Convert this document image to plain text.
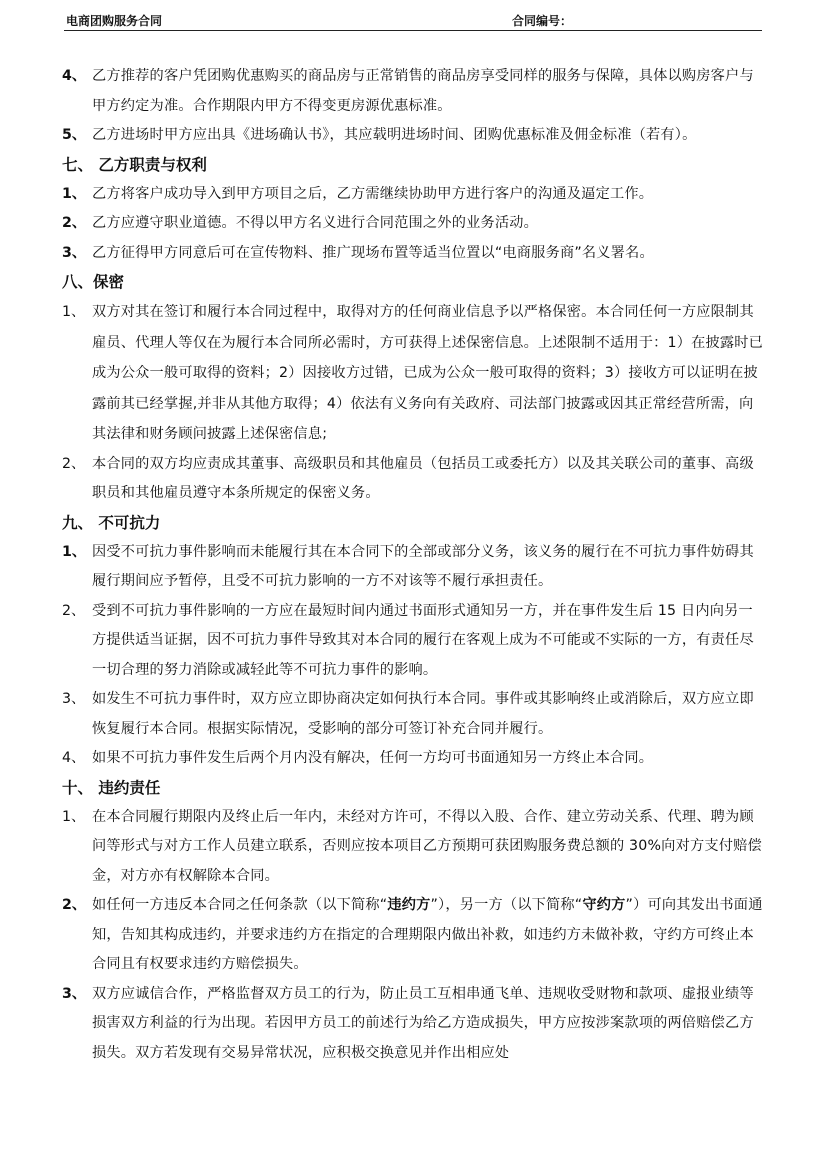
电商团购服务合同	合同编号：
4、 乙方推荐的客户凭团购优惠购买的商品房与正常销售的商品房享受同样的服务与保障，具体以购房客户与甲方约定为准。合作期限内甲方不得变更房源优惠标准。
5、 乙方进场时甲方应出具《进场确认书》，其应载明进场时间、团购优惠标准及佣金标准（若有）。
七、 乙方职责与权利
1、 乙方将客户成功导入到甲方项目之后，乙方需继续协助甲方进行客户的沟通及逼定工作。
2、 乙方应遵守职业道德。不得以甲方名义进行合同范围之外的业务活动。
3、 乙方征得甲方同意后可在宣传物料、推广现场布置等适当位置以“电商服务商”名义署名。
八、保密
1、 双方对其在签订和履行本合同过程中，取得对方的任何商业信息予以严格保密。本合同任何一方应限制其雇员、代理人等仅在为履行本合同所必需时，方可获得上述保密信息。上述限制不适用于：1）在披露时已成为公众一般可取得的资料；2）因接收方过错，已成为公众一般可取得的资料；3）接收方可以证明在披露前其已经掌握,并非从其他方取得；4）依法有义务向有关政府、司法部门披露或因其正常经营所需，向其法律和财务顾问披露上述保密信息;
2、 本合同的双方均应责成其董事、高级职员和其他雇员（包括员工或委托方）以及其关联公司的董事、高级职员和其他雇员遵守本条所规定的保密义务。
九、 不可抗力
1、 因受不可抗力事件影响而未能履行其在本合同下的全部或部分义务，该义务的履行在不可抗力事件妨碍其履行期间应予暂停，且受不可抗力影响的一方不对该等不履行承担责任。
2、 受到不可抗力事件影响的一方应在最短时间内通过书面形式通知另一方，并在事件发生后 15 日内向另一方提供适当证据，因不可抗力事件导致其对本合同的履行在客观上成为不可能或不实际的一方，有责任尽一切合理的努力消除或减轻此等不可抗力事件的影响。
3、 如发生不可抗力事件时，双方应立即协商决定如何执行本合同。事件或其影响终止或消除后，双方应立即恢复履行本合同。根据实际情况，受影响的部分可签订补充合同并履行。
4、 如果不可抗力事件发生后两个月内没有解决，任何一方均可书面通知另一方终止本合同。
十、 违约责任
1、 在本合同履行期限内及终止后一年内，未经对方许可，不得以入股、合作、建立劳动关系、代理、聘为顾问等形式与对方工作人员建立联系，否则应按本项目乙方预期可获团购服务费总额的 30%向对方支付赔偿金，对方亦有权解除本合同。
2、 如任何一方违反本合同之任何条款（以下简称“违约方”），另一方（以下简称“守约方”）可向其发出书面通知，告知其构成违约，并要求违约方在指定的合理期限内做出补救，如违约方未做补救，守约方可终止本合同且有权要求违约方赔偿损失。
3、 双方应诚信合作，严格监督双方员工的行为，防止员工互相串通飞单、违规收受财物和款项、虚报业绩等损害双方利益的行为出现。若因甲方员工的前述行为给乙方造成损失，甲方应按涉案款项的两倍赔偿乙方损失。双方若发现有交易异常状况，应积极交换意见并作出相应处
